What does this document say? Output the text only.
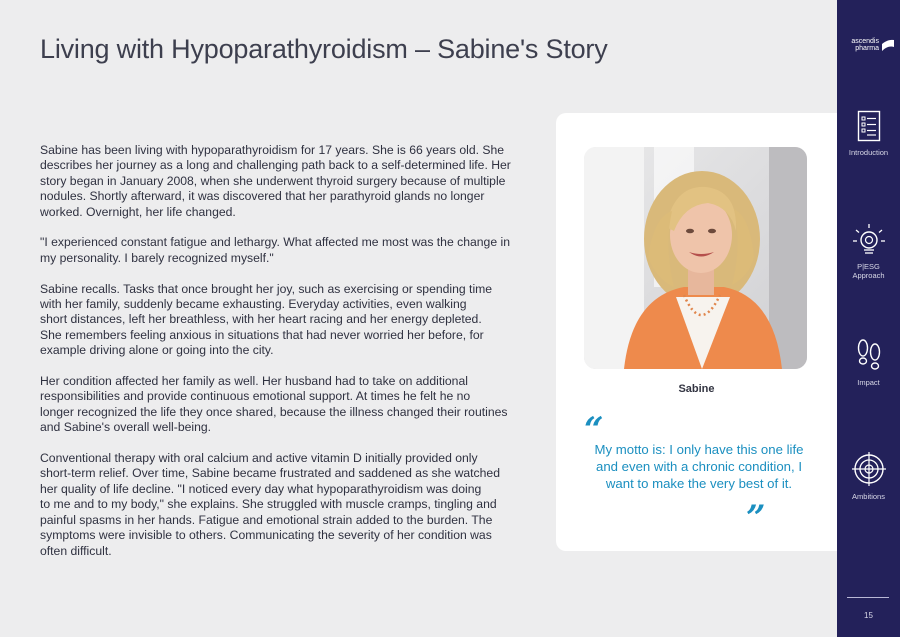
Living with Hypoparathyroidism – Sabine's Story

Sabine has been living with hypoparathyroidism for 17 years. She is 66 years old. She
describes her journey as a long and challenging path back to a self-determined life. Her
story began in January 2008, when she underwent thyroid surgery because of multiple
nodules. Shortly afterward, it was discovered that her parathyroid glands no longer
worked. Overnight, her life changed.

"I experienced constant fatigue and lethargy. What affected me most was the change in
my personality. I barely recognized myself."

Sabine recalls. Tasks that once brought her joy, such as exercising or spending time
with her family, suddenly became exhausting. Everyday activities, even walking
short distances, left her breathless, with her heart racing and her energy depleted.
She remembers feeling anxious in situations that had never worried her before, for
example driving alone or going into the city.

Her condition affected her family as well. Her husband had to take on additional
responsibilities and provide continuous emotional support. At times he felt he no
longer recognized the life they once shared, because the illness changed their routines
and Sabine's overall well-being.

Conventional therapy with oral calcium and active vitamin D initially provided only
short-term relief. Over time, Sabine became frustrated and saddened as she watched
her quality of life decline. "I noticed every day what hypoparathyroidism was doing
to me and to my body," she explains. She struggled with muscle cramps, tingling and
painful spasms in her hands. Fatigue and emotional strain added to the burden. The
symptoms were invisible to others. Communicating the severity of her condition was
often difficult.

Sabine
“
My motto is: I only have this one life and even with a chronic condition, I want to make the very best of it.
”
ascendis
pharma
Introduction
P|ESG
Approach
Impact
Ambitions
15
